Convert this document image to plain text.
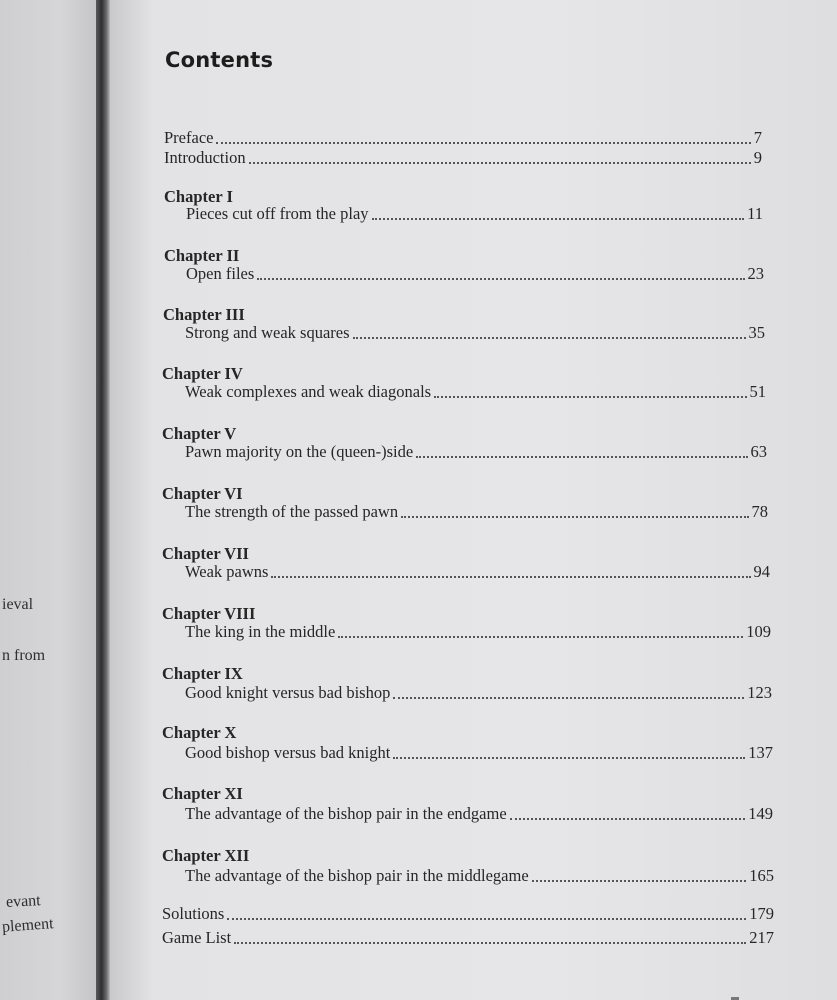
ieval
n from
evant
plement
Contents
Preface	7
Introduction	9
Chapter I
Pieces cut off from the play	11
Chapter II
Open files	23
Chapter III
Strong and weak squares	35
Chapter IV
Weak complexes and weak diagonals	51
Chapter V
Pawn majority on the (queen-)side	63
Chapter VI
The strength of the passed pawn	78
Chapter VII
Weak pawns	94
Chapter VIII
The king in the middle	109
Chapter IX
Good knight versus bad bishop	123
Chapter X
Good bishop versus bad knight	137
Chapter XI
The advantage of the bishop pair in the endgame	149
Chapter XII
The advantage of the bishop pair in the middlegame	165
Solutions	179
Game List	217
